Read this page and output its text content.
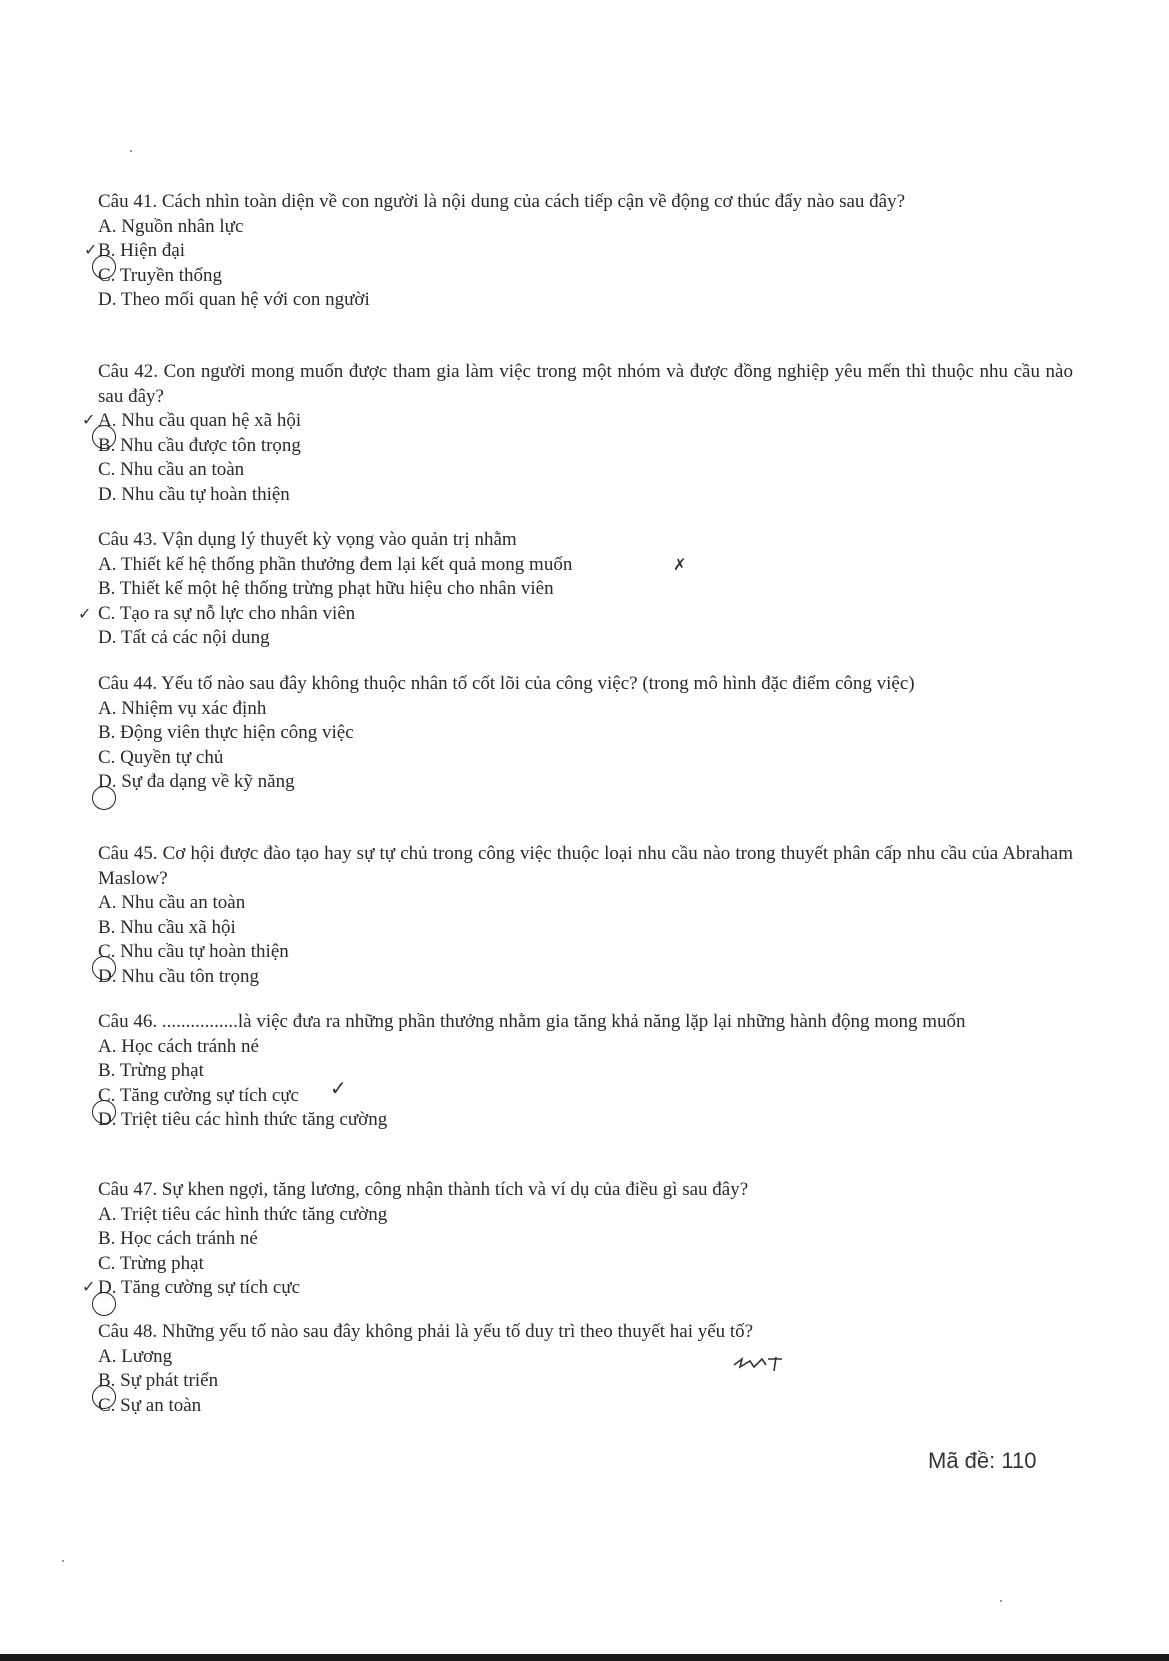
Câu 41. Cách nhìn toàn diện về con người là nội dung của cách tiếp cận về động cơ thúc đẩy nào sau đây?

A. Nguồn nhân lực
B. Hiện đại
✓
C. Truyền thống
D. Theo mối quan hệ với con người

Câu 42. Con người mong muốn được tham gia làm việc trong một nhóm và được đồng nghiệp yêu mến thì thuộc nhu cầu nào sau đây?

A. Nhu cầu quan hệ xã hội
✓
B. Nhu cầu được tôn trọng
C. Nhu cầu an toàn
D. Nhu cầu tự hoàn thiện

Câu 43. Vận dụng lý thuyết kỳ vọng vào quản trị nhằm

A. Thiết kế hệ thống phần thưởng đem lại kết quả mong muốn	✗
B. Thiết kế một hệ thống trừng phạt hữu hiệu cho nhân viên
✓ C. Tạo ra sự nỗ lực cho nhân viên
D. Tất cả các nội dung

Câu 44. Yếu tố nào sau đây không thuộc nhân tố cốt lõi của công việc? (trong mô hình đặc điểm công việc)

A. Nhiệm vụ xác định
B. Động viên thực hiện công việc
C. Quyền tự chủ
D. Sự đa dạng về kỹ năng

Câu 45. Cơ hội được đào tạo hay sự tự chủ trong công việc thuộc loại nhu cầu nào trong thuyết phân cấp nhu cầu của Abraham Maslow?

A. Nhu cầu an toàn
B. Nhu cầu xã hội
C. Nhu cầu tự hoàn thiện
D. Nhu cầu tôn trọng

Câu 46. ................là việc đưa ra những phần thưởng nhằm gia tăng khả năng lặp lại những hành động mong muốn

A. Học cách tránh né
B. Trừng phạt
C. Tăng cường sự tích cực ✓
D. Triệt tiêu các hình thức tăng cường

Câu 47. Sự khen ngợi, tăng lương, công nhận thành tích và ví dụ của điều gì sau đây?

A. Triệt tiêu các hình thức tăng cường
B. Học cách tránh né
C. Trừng phạt
D. Tăng cường sự tích cực
✓

Câu 48. Những yếu tố nào sau đây không phải là yếu tố duy trì theo thuyết hai yếu tố?

A. Lương
B. Sự phát triển
C. Sự an toàn
Mã đề: 110
